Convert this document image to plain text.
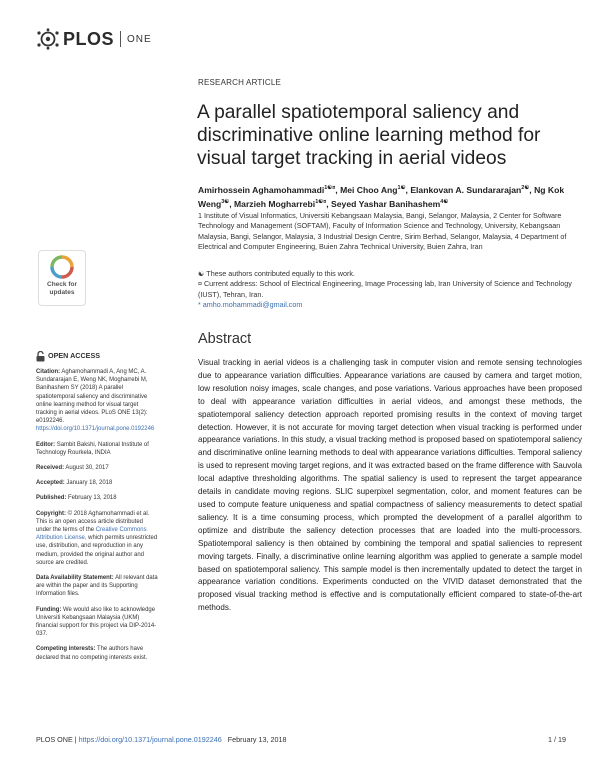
PLOS ONE
RESEARCH ARTICLE
A parallel spatiotemporal saliency and discriminative online learning method for visual target tracking in aerial videos
Amirhossein Aghamohammadi$^{1☯¤}$, Mei Choo Ang$^{1☯}$, Elankovan A. Sundararajan$^{2☯}$, Ng Kok Weng$^{3☯}$, Marzieh Mogharrebi$^{1☯¤}$, Seyed Yashar Banihashem$^{4☯}$
1 Institute of Visual Informatics, Universiti Kebangsaan Malaysia, Bangi, Selangor, Malaysia, 2 Center for Software Technology and Management (SOFTAM), Faculty of Information Science and Technology, University, Kebangsaan Malaysia, Bangi, Selangor, Malaysia, 3 Industrial Design Centre, Sirim Berhad, Selangor, Malaysia, 4 Department of Electrical and Computer Engineering, Buien Zahra Technical University, Buien Zahra, Iran
☯ These authors contributed equally to this work.
¤ Current address: School of Electrical Engineering, Image Processing lab, Iran University of Science and Technology (IUST), Tehran, Iran.
* amho.mohammadi@gmail.com
Check for updates
Abstract
Visual tracking in aerial videos is a challenging task in computer vision and remote sensing technologies due to appearance variation difficulties. Appearance variations are caused by camera and target motion, low resolution noisy images, scale changes, and pose variations. Various approaches have been proposed to deal with appearance variation difficulties in aerial videos, and amongst these methods, the spatiotemporal saliency detection approach reported promising results in the context of moving target detection. However, it is not accurate for moving target detection when visual tracking is performed under appearance variations. In this study, a visual tracking method is proposed based on spatiotemporal saliency and discriminative online learning methods to deal with appearance variations difficulties. Temporal saliency is used to represent moving target regions, and it was extracted based on the frame difference with Sauvola local adaptive thresholding algorithms. The spatial saliency is used to represent the target appearance details in candidate moving regions. SLIC superpixel segmentation, color, and moment features can be used to compute feature uniqueness and spatial compactness of saliency measurements to detect spatial saliency. It is a time consuming process, which prompted the development of a parallel algorithm to optimize and distribute the saliency detection processes that are loaded into the multi-processors. Spatiotemporal saliency is then obtained by combining the temporal and spatial saliencies to represent moving targets. Finally, a discriminative online learning algorithm was applied to generate a sample model based on spatiotemporal saliency. This sample model is then incrementally updated to detect the target in appearance variation conditions. Experiments conducted on the VIVID dataset demonstrated that the proposed visual tracking method is effective and is computationally efficient compared to state-of-the-art methods.
OPEN ACCESS

Citation: Aghamohammadi A, Ang MC, A. Sundararajan E, Weng NK, Mogharrebi M, Banihashem SY (2018) A parallel spatiotemporal saliency and discriminative online learning method for visual target tracking in aerial videos. PLoS ONE 13(2): e0192246. https://doi.org/10.1371/journal.pone.0192246

Editor: Sambit Bakshi, National Institute of Technology Rourkela, INDIA

Received: August 30, 2017

Accepted: January 18, 2018

Published: February 13, 2018

Copyright: © 2018 Aghamohammadi et al. This is an open access article distributed under the terms of the Creative Commons Attribution License, which permits unrestricted use, distribution, and reproduction in any medium, provided the original author and source are credited.

Data Availability Statement: All relevant data are within the paper and its Supporting Information files.

Funding: We would also like to acknowledge Universiti Kebangsaan Malaysia (UKM) financial support for this project via DIP-2014-037.

Competing interests: The authors have declared that no competing interests exist.

PLOS ONE
|
https://doi.org/10.1371/journal.pone.0192246
February 13, 2018	1 / 19
